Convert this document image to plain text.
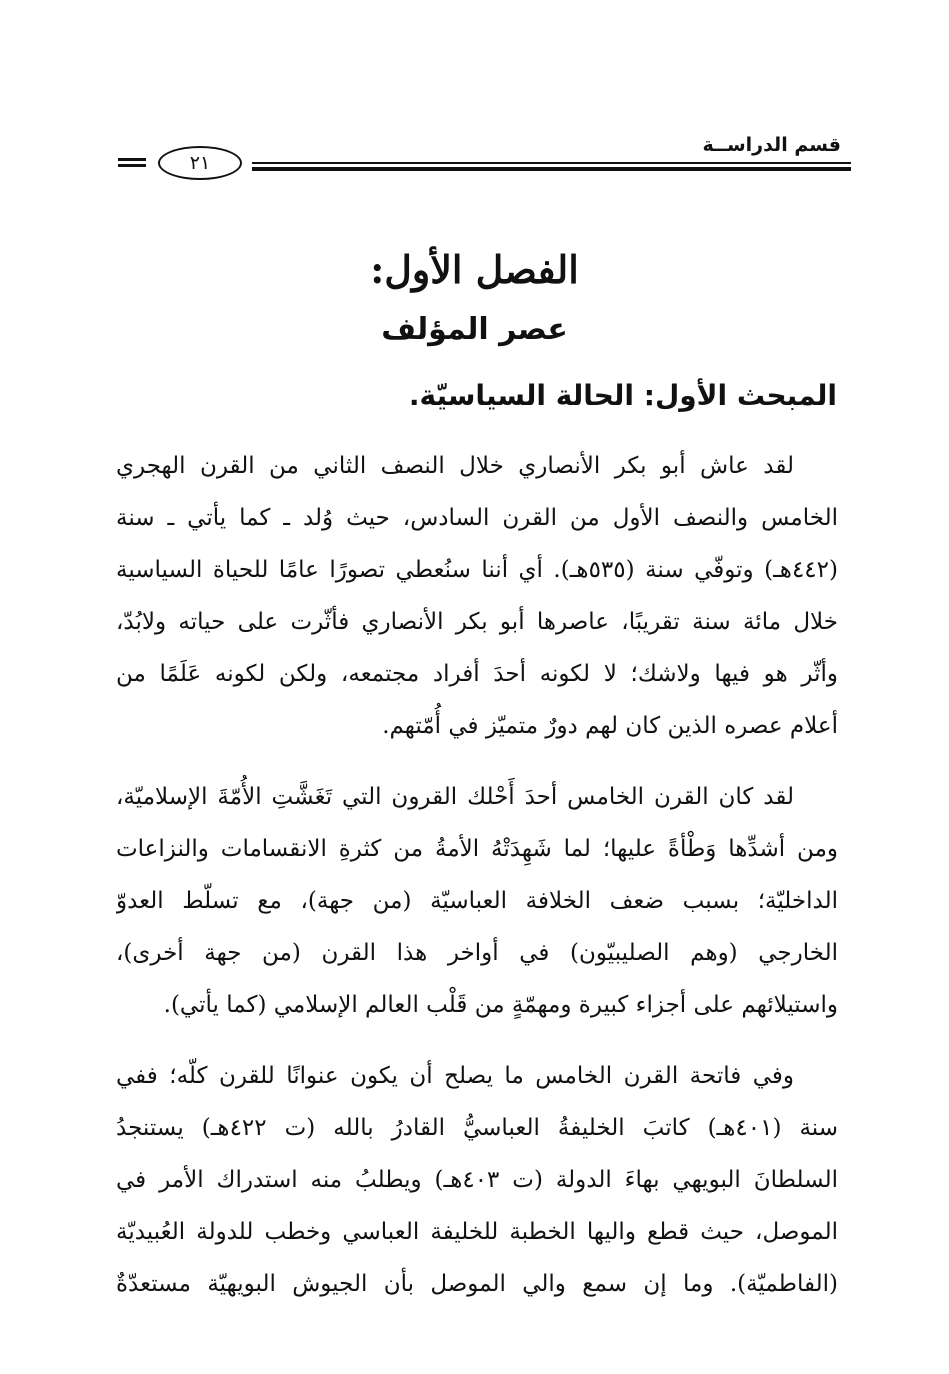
قسم الدراســة
٢١
الفصل الأول:
عصر المؤلف
المبحث الأول: الحالة السياسيّة.
لقد عاش أبو بكر الأنصاري خلال النصف الثاني من القرن الهجري
الخامس والنصف الأول من القرن السادس، حيث وُلد ـ كما يأتي ـ سنة
(٤٤٢هـ) وتوفّي سنة (٥٣٥هـ). أي أننا سنُعطي تصورًا عامًا للحياة السياسية
خلال مائة سنة تقريبًا، عاصرها أبو بكر الأنصاري فأثّرت على حياته ولابُدّ،
وأثّر هو فيها ولاشك؛ لا لكونه أحدَ أفراد مجتمعه، ولكن لكونه عَلَمًا من
أعلام عصره الذين كان لهم دورٌ متميّز في أُمّتهم.
لقد كان القرن الخامس أحدَ أَحْلك القرون التي تَغَشَّتِ الأُمّةَ الإسلاميّة،
ومن أشدِّها وَطْأةً عليها؛ لما شَهِدَتْهُ الأمةُ من كثرةِ الانقسامات والنزاعات
الداخليّة؛ بسبب ضعف الخلافة العباسيّة (من جهة)، مع تسلّط العدوّ
الخارجي (وهم الصليبيّون) في أواخر هذا القرن (من جهة أخرى)،
واستيلائهم على أجزاء كبيرة ومهمّةٍ من قَلْب العالم الإسلامي (كما يأتي).
وفي فاتحة القرن الخامس ما يصلح أن يكون عنوانًا للقرن كلّه؛ ففي
سنة (٤٠١هـ) كاتبَ الخليفةُ العباسيُّ القادرُ بالله (ت ٤٢٢هـ) يستنجدُ
السلطانَ البويهي بهاءَ الدولة (ت ٤٠٣هـ) ويطلبُ منه استدراك الأمر في
الموصل، حيث قطع واليها الخطبة للخليفة العباسي وخطب للدولة العُبيديّة
(الفاطميّة). وما إن سمع والي الموصل بأن الجيوش البويهيّة مستعدّةٌ
